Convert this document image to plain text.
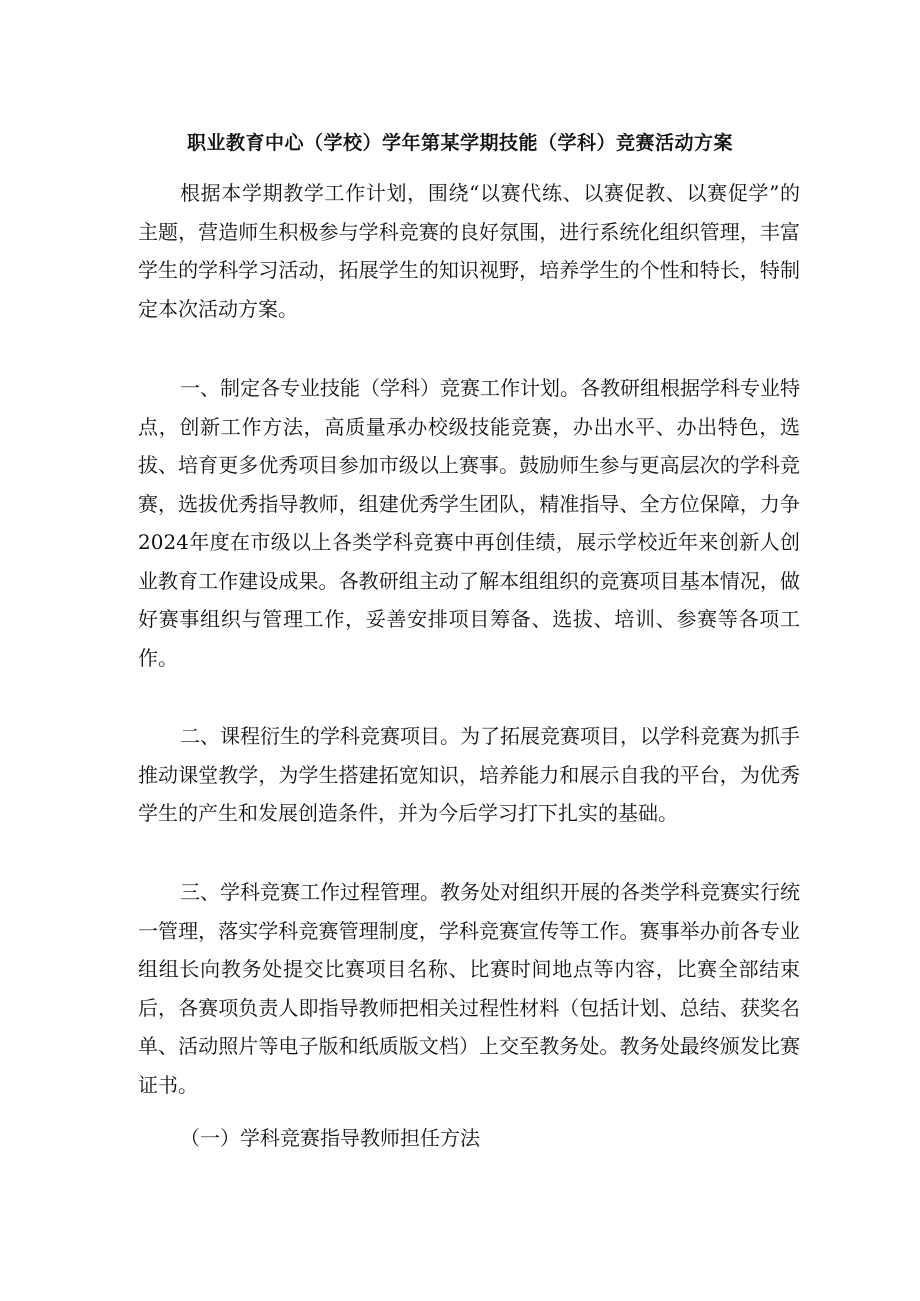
职业教育中心（学校）学年第某学期技能（学科）竞赛活动方案
根据本学期教学工作计划，围绕“以赛代练、以赛促教、以赛促学”的主题，营造师生积极参与学科竞赛的良好氛围，进行系统化组织管理，丰富学生的学科学习活动，拓展学生的知识视野，培养学生的个性和特长，特制定本次活动方案。
一、制定各专业技能（学科）竞赛工作计划。各教研组根据学科专业特点，创新工作方法，高质量承办校级技能竞赛，办出水平、办出特色，选拔、培育更多优秀项目参加市级以上赛事。鼓励师生参与更高层次的学科竞赛，选拔优秀指导教师，组建优秀学生团队，精准指导、全方位保障，力争2024年度在市级以上各类学科竞赛中再创佳绩，展示学校近年来创新人创业教育工作建设成果。各教研组主动了解本组组织的竞赛项目基本情况，做好赛事组织与管理工作，妥善安排项目筹备、选拔、培训、参赛等各项工作。
二、课程衍生的学科竞赛项目。为了拓展竞赛项目，以学科竞赛为抓手推动课堂教学，为学生搭建拓宽知识，培养能力和展示自我的平台，为优秀学生的产生和发展创造条件，并为今后学习打下扎实的基础。
三、学科竞赛工作过程管理。教务处对组织开展的各类学科竞赛实行统一管理，落实学科竞赛管理制度，学科竞赛宣传等工作。赛事举办前各专业组组长向教务处提交比赛项目名称、比赛时间地点等内容，比赛全部结束后，各赛项负责人即指导教师把相关过程性材料（包括计划、总结、获奖名单、活动照片等电子版和纸质版文档）上交至教务处。教务处最终颁发比赛证书。
（一）学科竞赛指导教师担任方法
